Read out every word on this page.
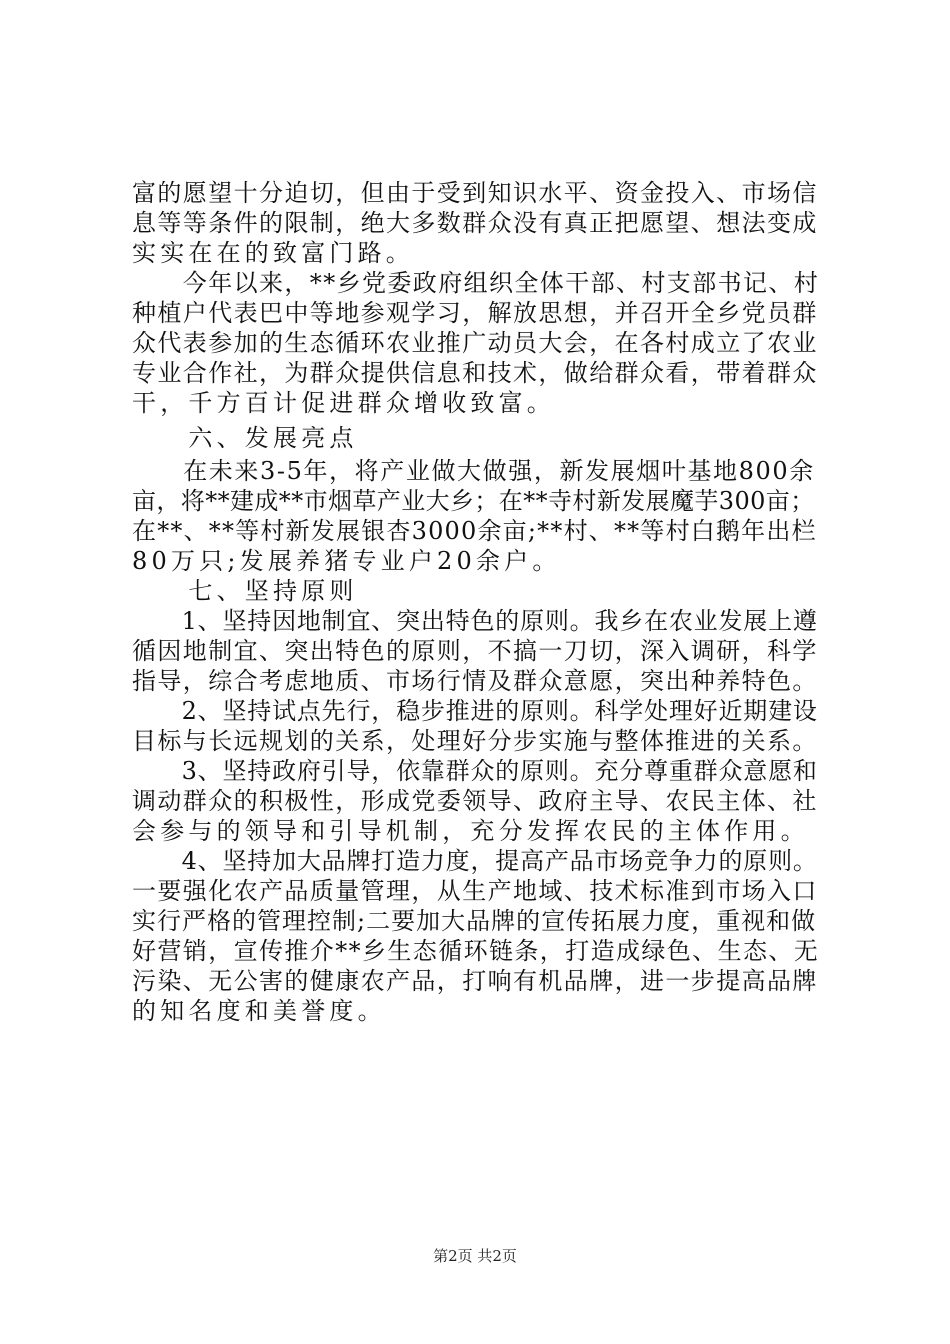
富的愿望十分迫切，但由于受到知识水平、资金投入、市场信
息等等条件的限制，绝大多数群众没有真正把愿望、想法变成
实实在在的致富门路。
　　今年以来，**乡党委政府组织全体干部、村支部书记、村
种植户代表巴中等地参观学习，解放思想，并召开全乡党员群
众代表参加的生态循环农业推广动员大会，在各村成立了农业
专业合作社，为群众提供信息和技术，做给群众看，带着群众
干，千方百计促进群众增收致富。
　　六、发展亮点
　　在未来3-5年，将产业做大做强，新发展烟叶基地800余
亩，将**建成**市烟草产业大乡；在**寺村新发展魔芋300亩；
在**、**等村新发展银杏3000余亩;**村、**等村白鹅年出栏
80万只;发展养猪专业户20余户。
　　七、坚持原则
　　1、坚持因地制宜、突出特色的原则。我乡在农业发展上遵
循因地制宜、突出特色的原则，不搞一刀切，深入调研，科学
指导，综合考虑地质、市场行情及群众意愿，突出种养特色。
　　2、坚持试点先行，稳步推进的原则。科学处理好近期建设
目标与长远规划的关系，处理好分步实施与整体推进的关系。
　　3、坚持政府引导，依靠群众的原则。充分尊重群众意愿和
调动群众的积极性，形成党委领导、政府主导、农民主体、社
会参与的领导和引导机制，充分发挥农民的主体作用。
　　4、坚持加大品牌打造力度，提高产品市场竞争力的原则。
一要强化农产品质量管理，从生产地域、技术标准到市场入口
实行严格的管理控制;二要加大品牌的宣传拓展力度，重视和做
好营销，宣传推介**乡生态循环链条，打造成绿色、生态、无
污染、无公害的健康农产品，打响有机品牌，进一步提高品牌
的知名度和美誉度。
第2页 共2页
